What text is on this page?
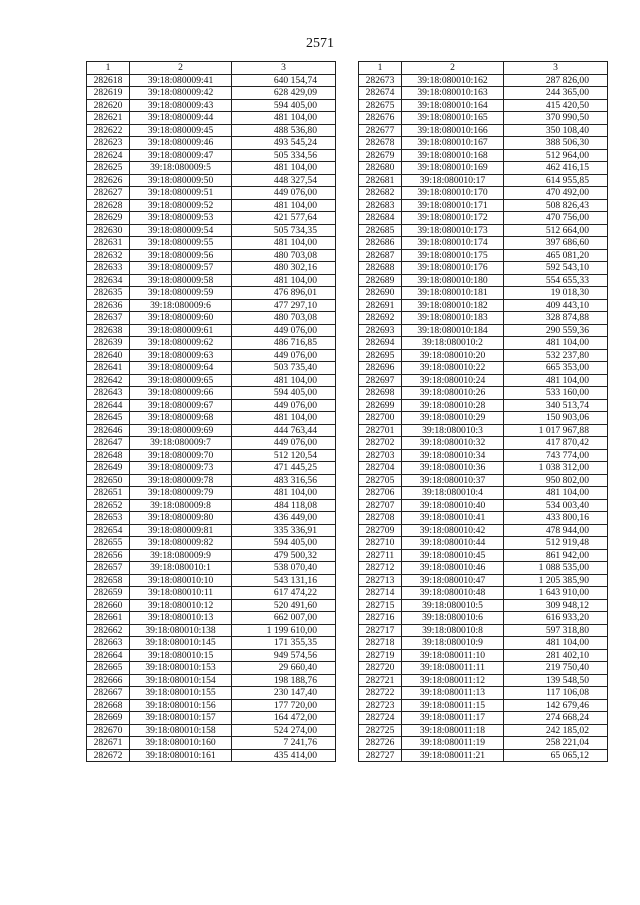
2571
1	2	3
282618	39:18:080009:41	640 154,74
282619	39:18:080009:42	628 429,09
282620	39:18:080009:43	594 405,00
282621	39:18:080009:44	481 104,00
282622	39:18:080009:45	488 536,80
282623	39:18:080009:46	493 545,24
282624	39:18:080009:47	505 334,56
282625	39:18:080009:5	481 104,00
282626	39:18:080009:50	448 327,54
282627	39:18:080009:51	449 076,00
282628	39:18:080009:52	481 104,00
282629	39:18:080009:53	421 577,64
282630	39:18:080009:54	505 734,35
282631	39:18:080009:55	481 104,00
282632	39:18:080009:56	480 703,08
282633	39:18:080009:57	480 302,16
282634	39:18:080009:58	481 104,00
282635	39:18:080009:59	476 896,01
282636	39:18:080009:6	477 297,10
282637	39:18:080009:60	480 703,08
282638	39:18:080009:61	449 076,00
282639	39:18:080009:62	486 716,85
282640	39:18:080009:63	449 076,00
282641	39:18:080009:64	503 735,40
282642	39:18:080009:65	481 104,00
282643	39:18:080009:66	594 405,00
282644	39:18:080009:67	449 076,00
282645	39:18:080009:68	481 104,00
282646	39:18:080009:69	444 763,44
282647	39:18:080009:7	449 076,00
282648	39:18:080009:70	512 120,54
282649	39:18:080009:73	471 445,25
282650	39:18:080009:78	483 316,56
282651	39:18:080009:79	481 104,00
282652	39:18:080009:8	484 118,08
282653	39:18:080009:80	436 449,00
282654	39:18:080009:81	335 336,91
282655	39:18:080009:82	594 405,00
282656	39:18:080009:9	479 500,32
282657	39:18:080010:1	538 070,40
282658	39:18:080010:10	543 131,16
282659	39:18:080010:11	617 474,22
282660	39:18:080010:12	520 491,60
282661	39:18:080010:13	662 007,00
282662	39:18:080010:138	1 199 610,00
282663	39:18:080010:145	171 355,35
282664	39:18:080010:15	949 574,56
282665	39:18:080010:153	29 660,40
282666	39:18:080010:154	198 188,76
282667	39:18:080010:155	230 147,40
282668	39:18:080010:156	177 720,00
282669	39:18:080010:157	164 472,00
282670	39:18:080010:158	524 274,00
282671	39:18:080010:160	7 241,76
282672	39:18:080010:161	435 414,00
1	2	3
282673	39:18:080010:162	287 826,00
282674	39:18:080010:163	244 365,00
282675	39:18:080010:164	415 420,50
282676	39:18:080010:165	370 990,50
282677	39:18:080010:166	350 108,40
282678	39:18:080010:167	388 506,30
282679	39:18:080010:168	512 964,00
282680	39:18:080010:169	462 416,15
282681	39:18:080010:17	614 955,85
282682	39:18:080010:170	470 492,00
282683	39:18:080010:171	508 826,43
282684	39:18:080010:172	470 756,00
282685	39:18:080010:173	512 664,00
282686	39:18:080010:174	397 686,60
282687	39:18:080010:175	465 081,20
282688	39:18:080010:176	592 543,10
282689	39:18:080010:180	554 655,33
282690	39:18:080010:181	19 018,30
282691	39:18:080010:182	409 443,10
282692	39:18:080010:183	328 874,88
282693	39:18:080010:184	290 559,36
282694	39:18:080010:2	481 104,00
282695	39:18:080010:20	532 237,80
282696	39:18:080010:22	665 353,00
282697	39:18:080010:24	481 104,00
282698	39:18:080010:26	533 160,00
282699	39:18:080010:28	340 513,74
282700	39:18:080010:29	150 903,06
282701	39:18:080010:3	1 017 967,88
282702	39:18:080010:32	417 870,42
282703	39:18:080010:34	743 774,00
282704	39:18:080010:36	1 038 312,00
282705	39:18:080010:37	950 802,00
282706	39:18:080010:4	481 104,00
282707	39:18:080010:40	534 003,40
282708	39:18:080010:41	433 800,16
282709	39:18:080010:42	478 944,00
282710	39:18:080010:44	512 919,48
282711	39:18:080010:45	861 942,00
282712	39:18:080010:46	1 088 535,00
282713	39:18:080010:47	1 205 385,90
282714	39:18:080010:48	1 643 910,00
282715	39:18:080010:5	309 948,12
282716	39:18:080010:6	616 933,20
282717	39:18:080010:8	597 318,80
282718	39:18:080010:9	481 104,00
282719	39:18:080011:10	281 402,10
282720	39:18:080011:11	219 750,40
282721	39:18:080011:12	139 548,50
282722	39:18:080011:13	117 106,08
282723	39:18:080011:15	142 679,46
282724	39:18:080011:17	274 668,24
282725	39:18:080011:18	242 185,02
282726	39:18:080011:19	258 221,04
282727	39:18:080011:21	65 065,12
